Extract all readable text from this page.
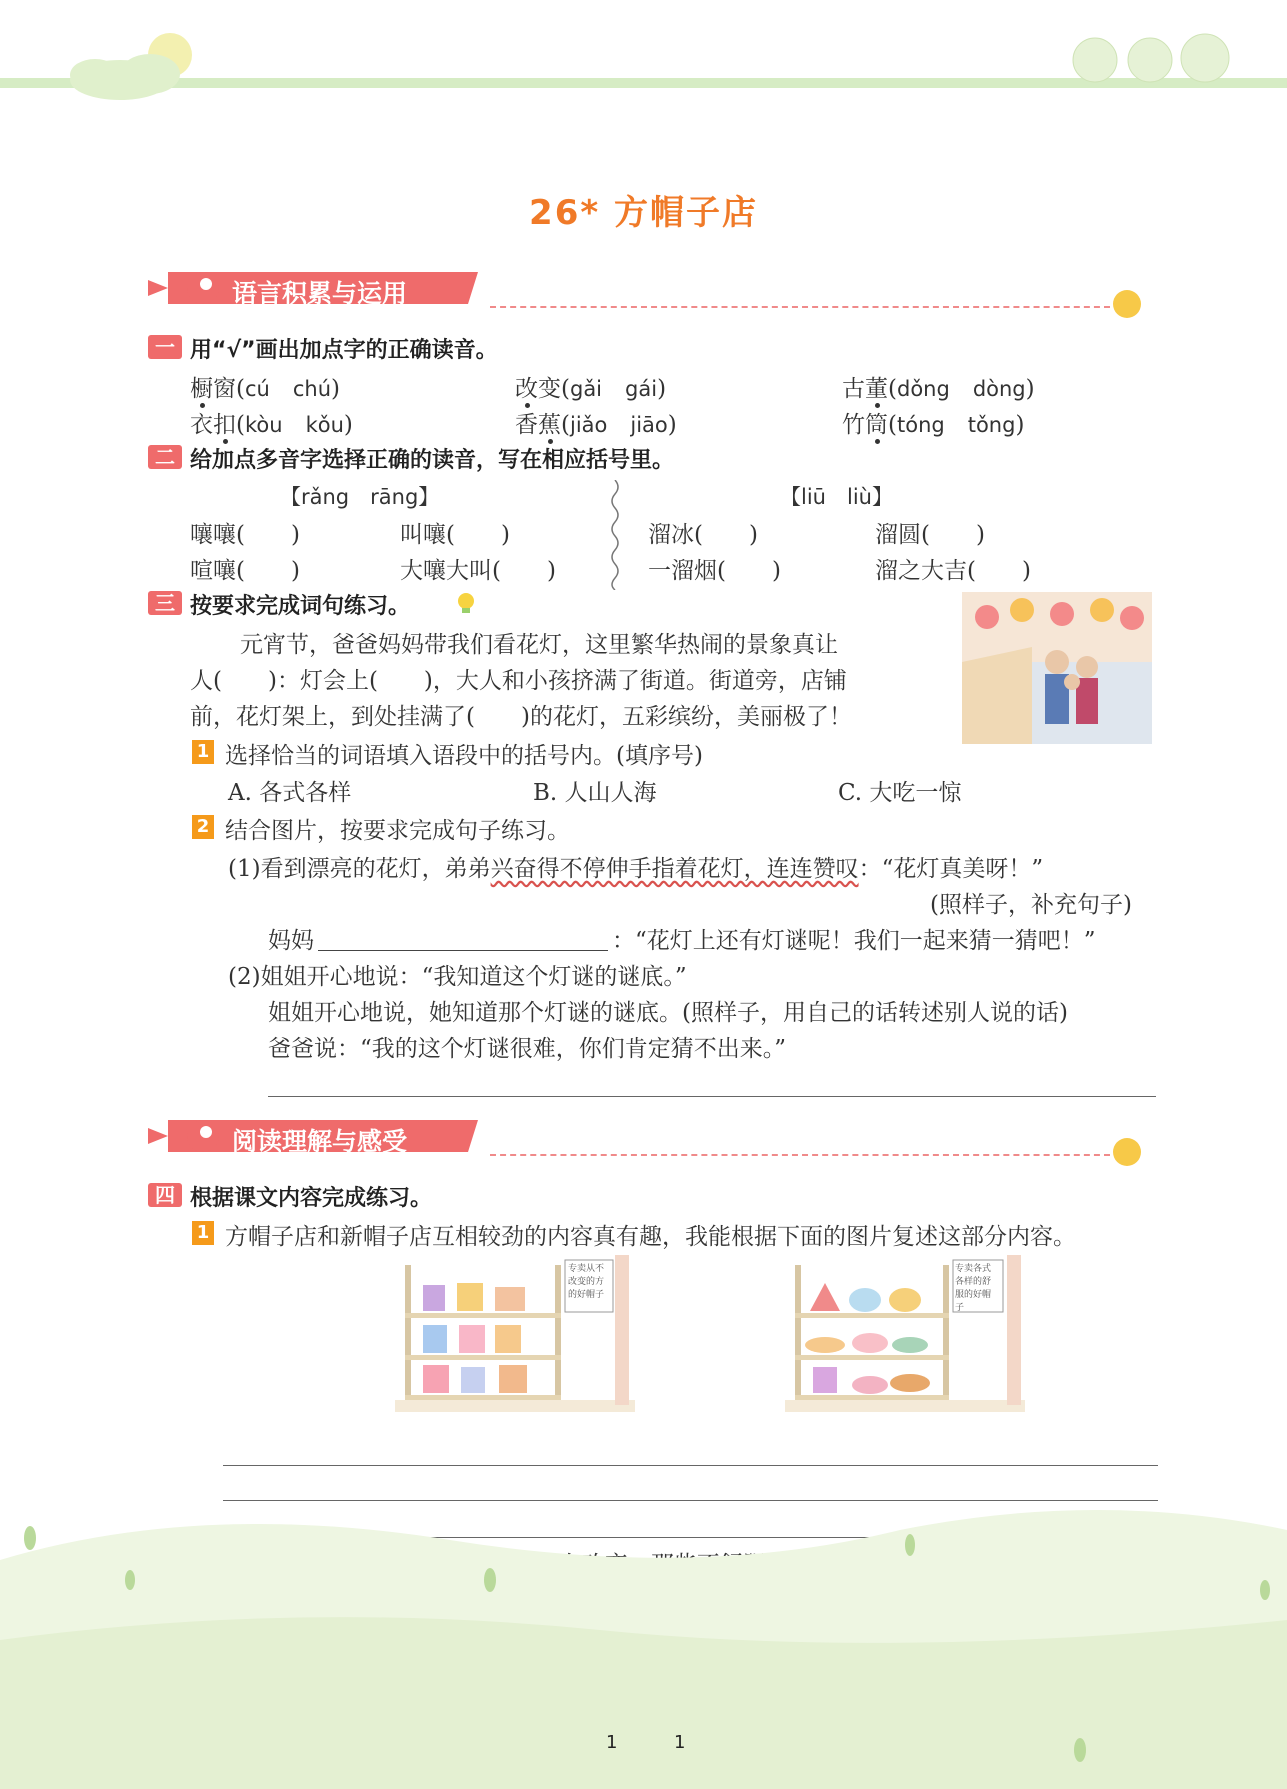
26* 方帽子店
语言积累与运用
一 用“√”画出加点字的正确读音。
橱窗(cú　 chú)	改变(gǎi　 gái)	古董(dǒng　 dòng)
衣扣(kòu　 kǒu)	香蕉(jiǎo　 jiāo)	竹筒(tóng　 tǒng)
二 给加点多音字选择正确的读音，写在相应括号里。
【rǎng　rāng】	【liū　liù】
嚷嚷(　　)	叫嚷(　　)
喧嚷(　　)	大嚷大叫(　　)
溜冰(　　)	溜圆(　　)
一溜烟(　　)	溜之大吉(　　)
三 按要求完成词句练习。
元宵节，爸爸妈妈带我们看花灯，这里繁华热闹的景象真让
人(　　)：灯会上(　　)，大人和小孩挤满了街道。街道旁，店铺
前，花灯架上，到处挂满了(　　)的花灯，五彩缤纷，美丽极了！
1 选择恰当的词语填入语段中的括号内。(填序号)
A. 各式各样	B. 人山人海	C. 大吃一惊
2 结合图片，按要求完成句子练习。
(1)看到漂亮的花灯，弟弟兴奋得不停伸手指着花灯，连连赞叹：“花灯真美呀！”
(照样子，补充句子)
妈妈	：“花灯上还有灯谜呢！我们一起来猜一猜吧！”
(2)姐姐开心地说：“我知道这个灯谜的谜底。”
姐姐开心地说，她知道那个灯谜的谜底。(照样子，用自己的话转述别人说的话)
爸爸说：“我的这个灯谜很难，你们肯定猜不出来。”
阅读理解与感受
四 根据课文内容完成练习。
1 方帽子店和新帽子店互相较劲的内容真有趣，我能根据下面的图片复述这部分内容。
专卖从不改变的方的好帽子
专卖各式各样的舒服的好帽子
1	1
